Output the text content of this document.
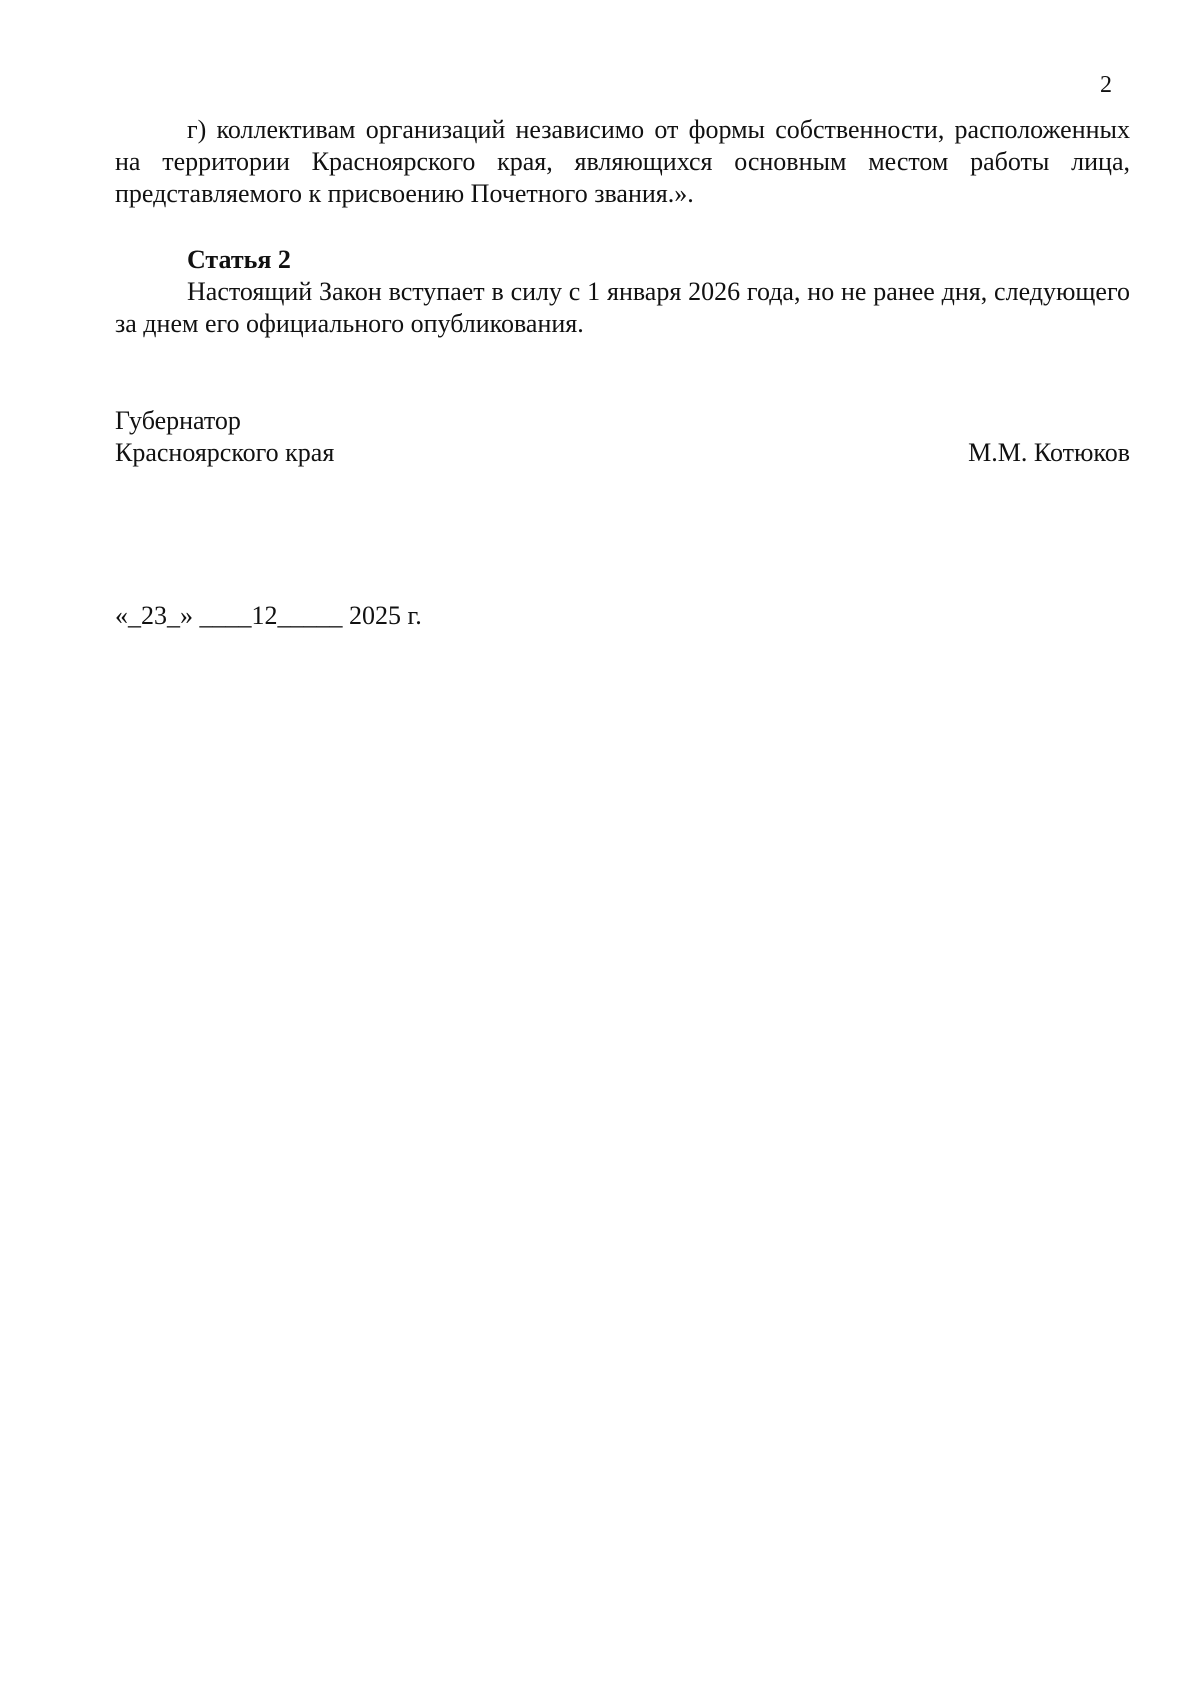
2

г) коллективам организаций независимо от формы собственности, расположенных на территории Красноярского края, являющихся основным местом работы лица, представляемого к присвоению Почетного звания.».

Статья 2

Настоящий Закон вступает в силу с 1 января 2026 года, но не ранее дня, следующего за днем его официального опубликования.

Губернатор
Красноярского края	М.М. Котюков
«_23_» ____12_____ 2025 г.
